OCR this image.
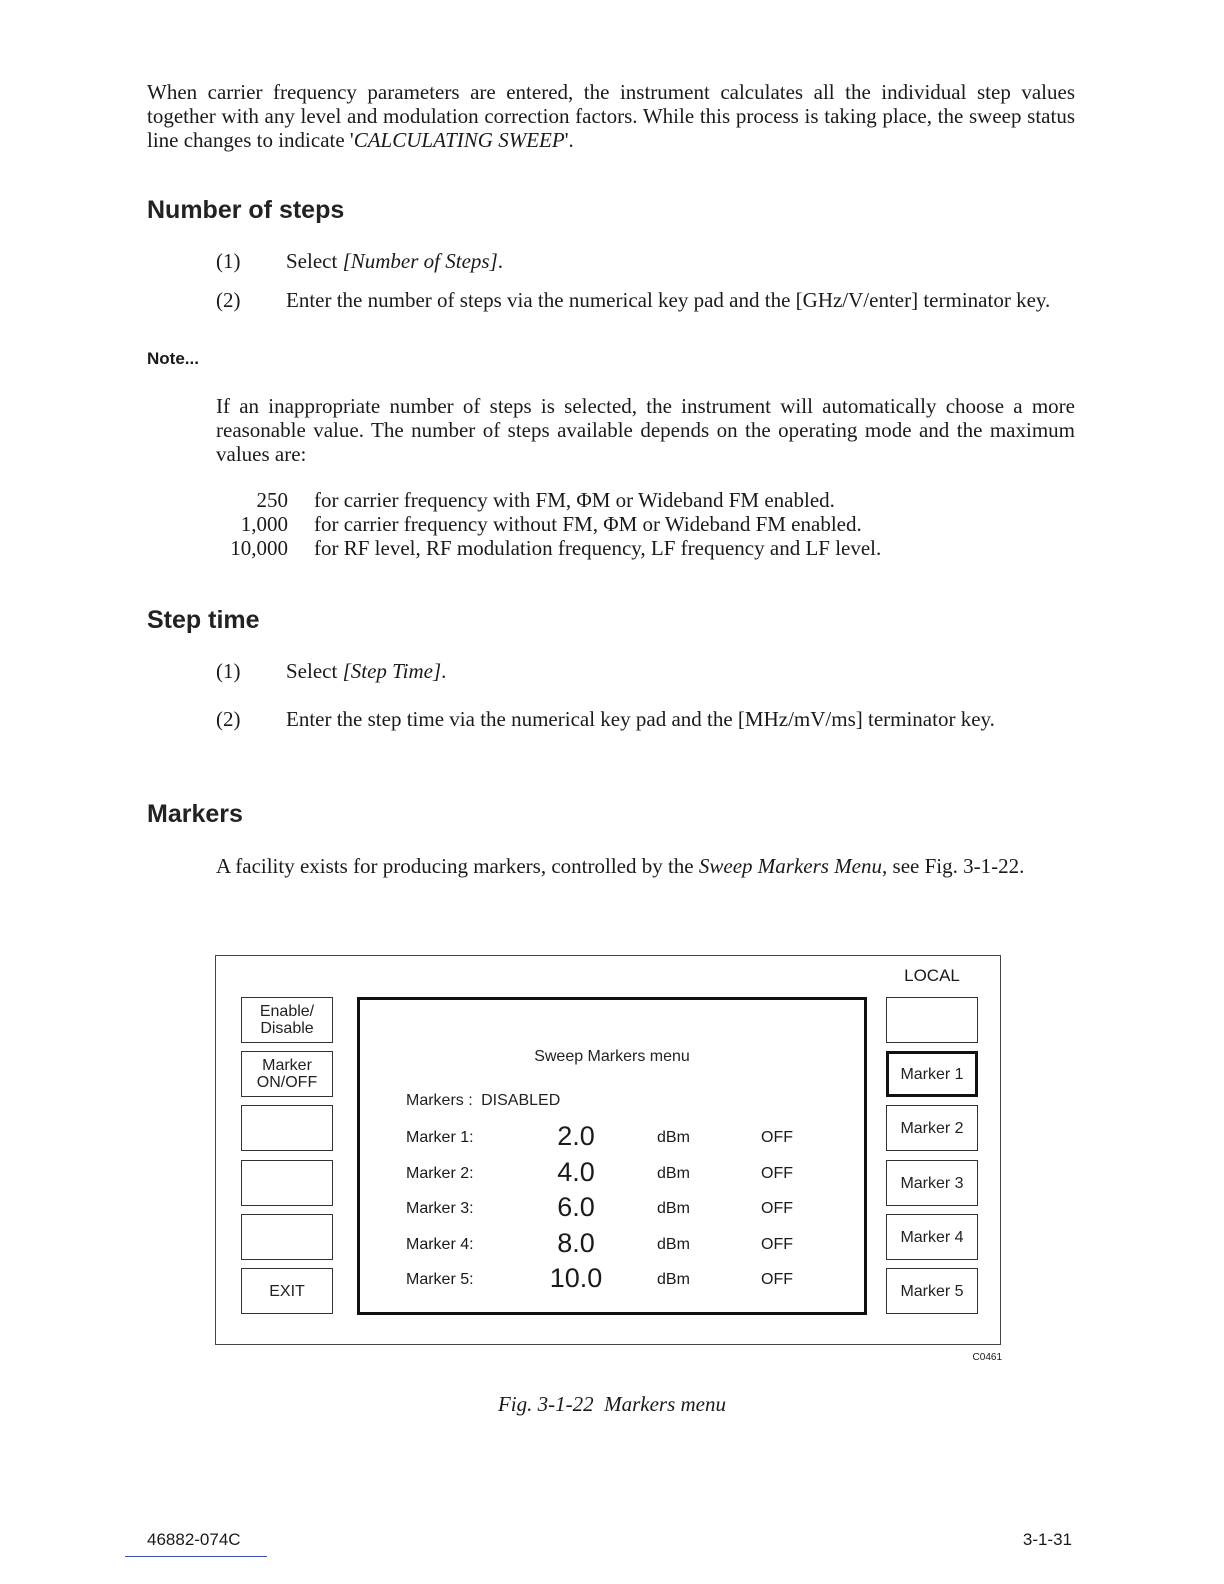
When carrier frequency parameters are entered, the instrument calculates all the individual step values together with any level and modulation correction factors. While this process is taking place, the sweep status line changes to indicate 'CALCULATING SWEEP'.

Number of steps
(1)	Select [Number of Steps].
(2)	Enter the number of steps via the numerical key pad and the [GHz/V/enter] terminator key.
Note...

If an inappropriate number of steps is selected, the instrument will automatically choose a more reasonable value. The number of steps available depends on the operating mode and the maximum values are:

250 for carrier frequency with FM, ΦM or Wideband FM enabled.
1,000 for carrier frequency without FM, ΦM or Wideband FM enabled.
10,000 for RF level, RF modulation frequency, LF frequency and LF level.
Step time
(1)	Select [Step Time].
(2)	Enter the step time via the numerical key pad and the [MHz/mV/ms] terminator key.
Markers

A facility exists for producing markers, controlled by the Sweep Markers Menu, see Fig. 3-1-22.

LOCAL
Enable/ Disable
Marker ON/OFF
EXIT
Marker 1
Marker 2
Marker 3
Marker 4
Marker 5
Sweep Markers menu
Markers : DISABLED
Marker 1:	2.0	dBm	OFF
Marker 2:	4.0	dBm	OFF
Marker 3:	6.0	dBm	OFF
Marker 4:	8.0	dBm	OFF
Marker 5:	10.0	dBm	OFF
C0461
Fig. 3-1-22  Markers menu
46882-074C	3-1-31
